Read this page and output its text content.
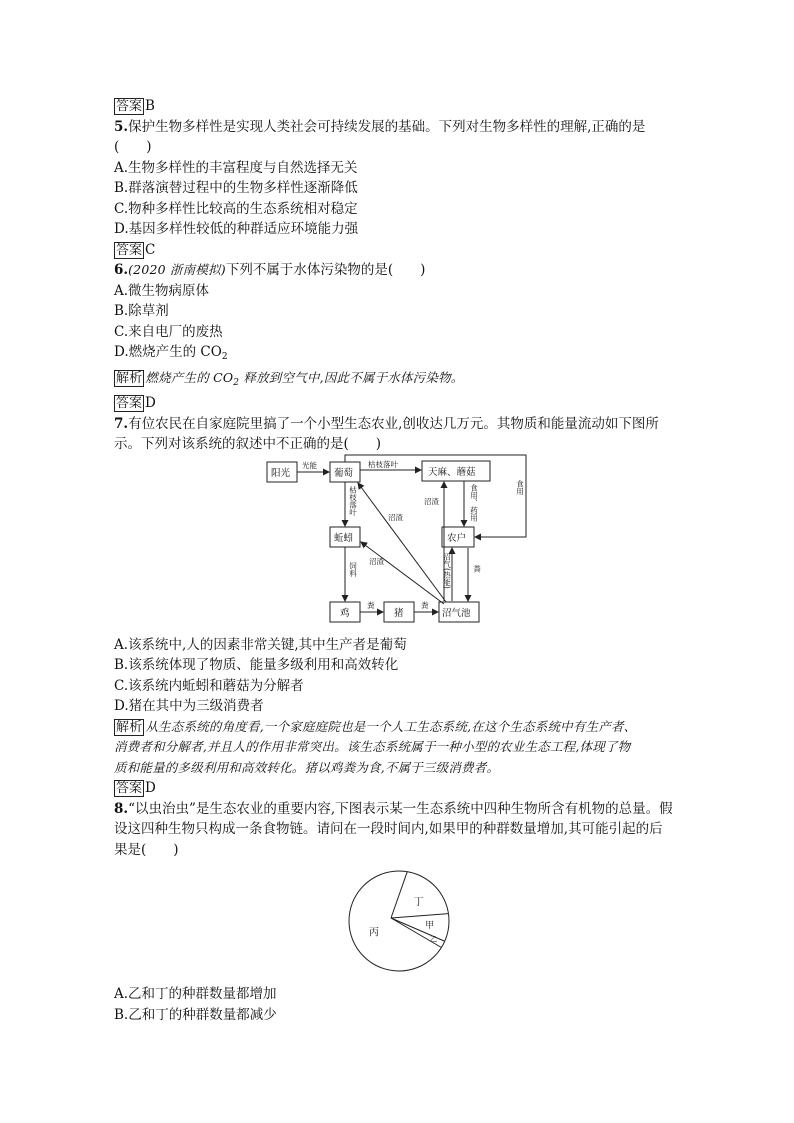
答案 B
5.保护生物多样性是实现人类社会可持续发展的基础。下列对生物多样性的理解,正确的是
(　　)
A.生物多样性的丰富程度与自然选择无关
B.群落演替过程中的生物多样性逐渐降低
C.物种多样性比较高的生态系统相对稳定
D.基因多样性较低的种群适应环境能力强
答案 C
6.(2020 浙南模拟)下列不属于水体污染物的是(　　)
A.微生物病原体
B.除草剂
C.来自电厂的废热
D.燃烧产生的 $CO_2$
解析 燃烧产生的 $CO_2$ 释放到空气中,因此不属于水体污染物。
答案 D
7.有位农民在自家庭院里搞了一个小型生态农业,创收达几万元。其物质和能量流动如下图所
示。下列对该系统的叙述中不正确的是(　　)
阳光	葡萄	天麻、蘑菇
蚯蚓	农户
鸡	猪	沼气池
光能	枯枝落叶
沼渣
沼渣
沼渣
粪	粪
枯枝落叶
饲料
食用、药用	食用
沼气(热能)	粪
A.该系统中,人的因素非常关键,其中生产者是葡萄
B.该系统体现了物质、能量多级利用和高效转化
C.该系统内蚯蚓和蘑菇为分解者
D.猪在其中为三级消费者
解析 从生态系统的角度看,一个家庭庭院也是一个人工生态系统,在这个生态系统中有生产者、
消费者和分解者,并且人的作用非常突出。该生态系统属于一种小型的农业生态工程,体现了物
质和能量的多级利用和高效转化。猪以鸡粪为食,不属于三级消费者。
答案 D
8.“以虫治虫”是生态农业的重要内容,下图表示某一生态系统中四种生物所含有机物的总量。假
设这四种生物只构成一条食物链。请问在一段时间内,如果甲的种群数量增加,其可能引起的后
果是(　　)
丙
丁
甲
乙
A.乙和丁的种群数量都增加
B.乙和丁的种群数量都减少
